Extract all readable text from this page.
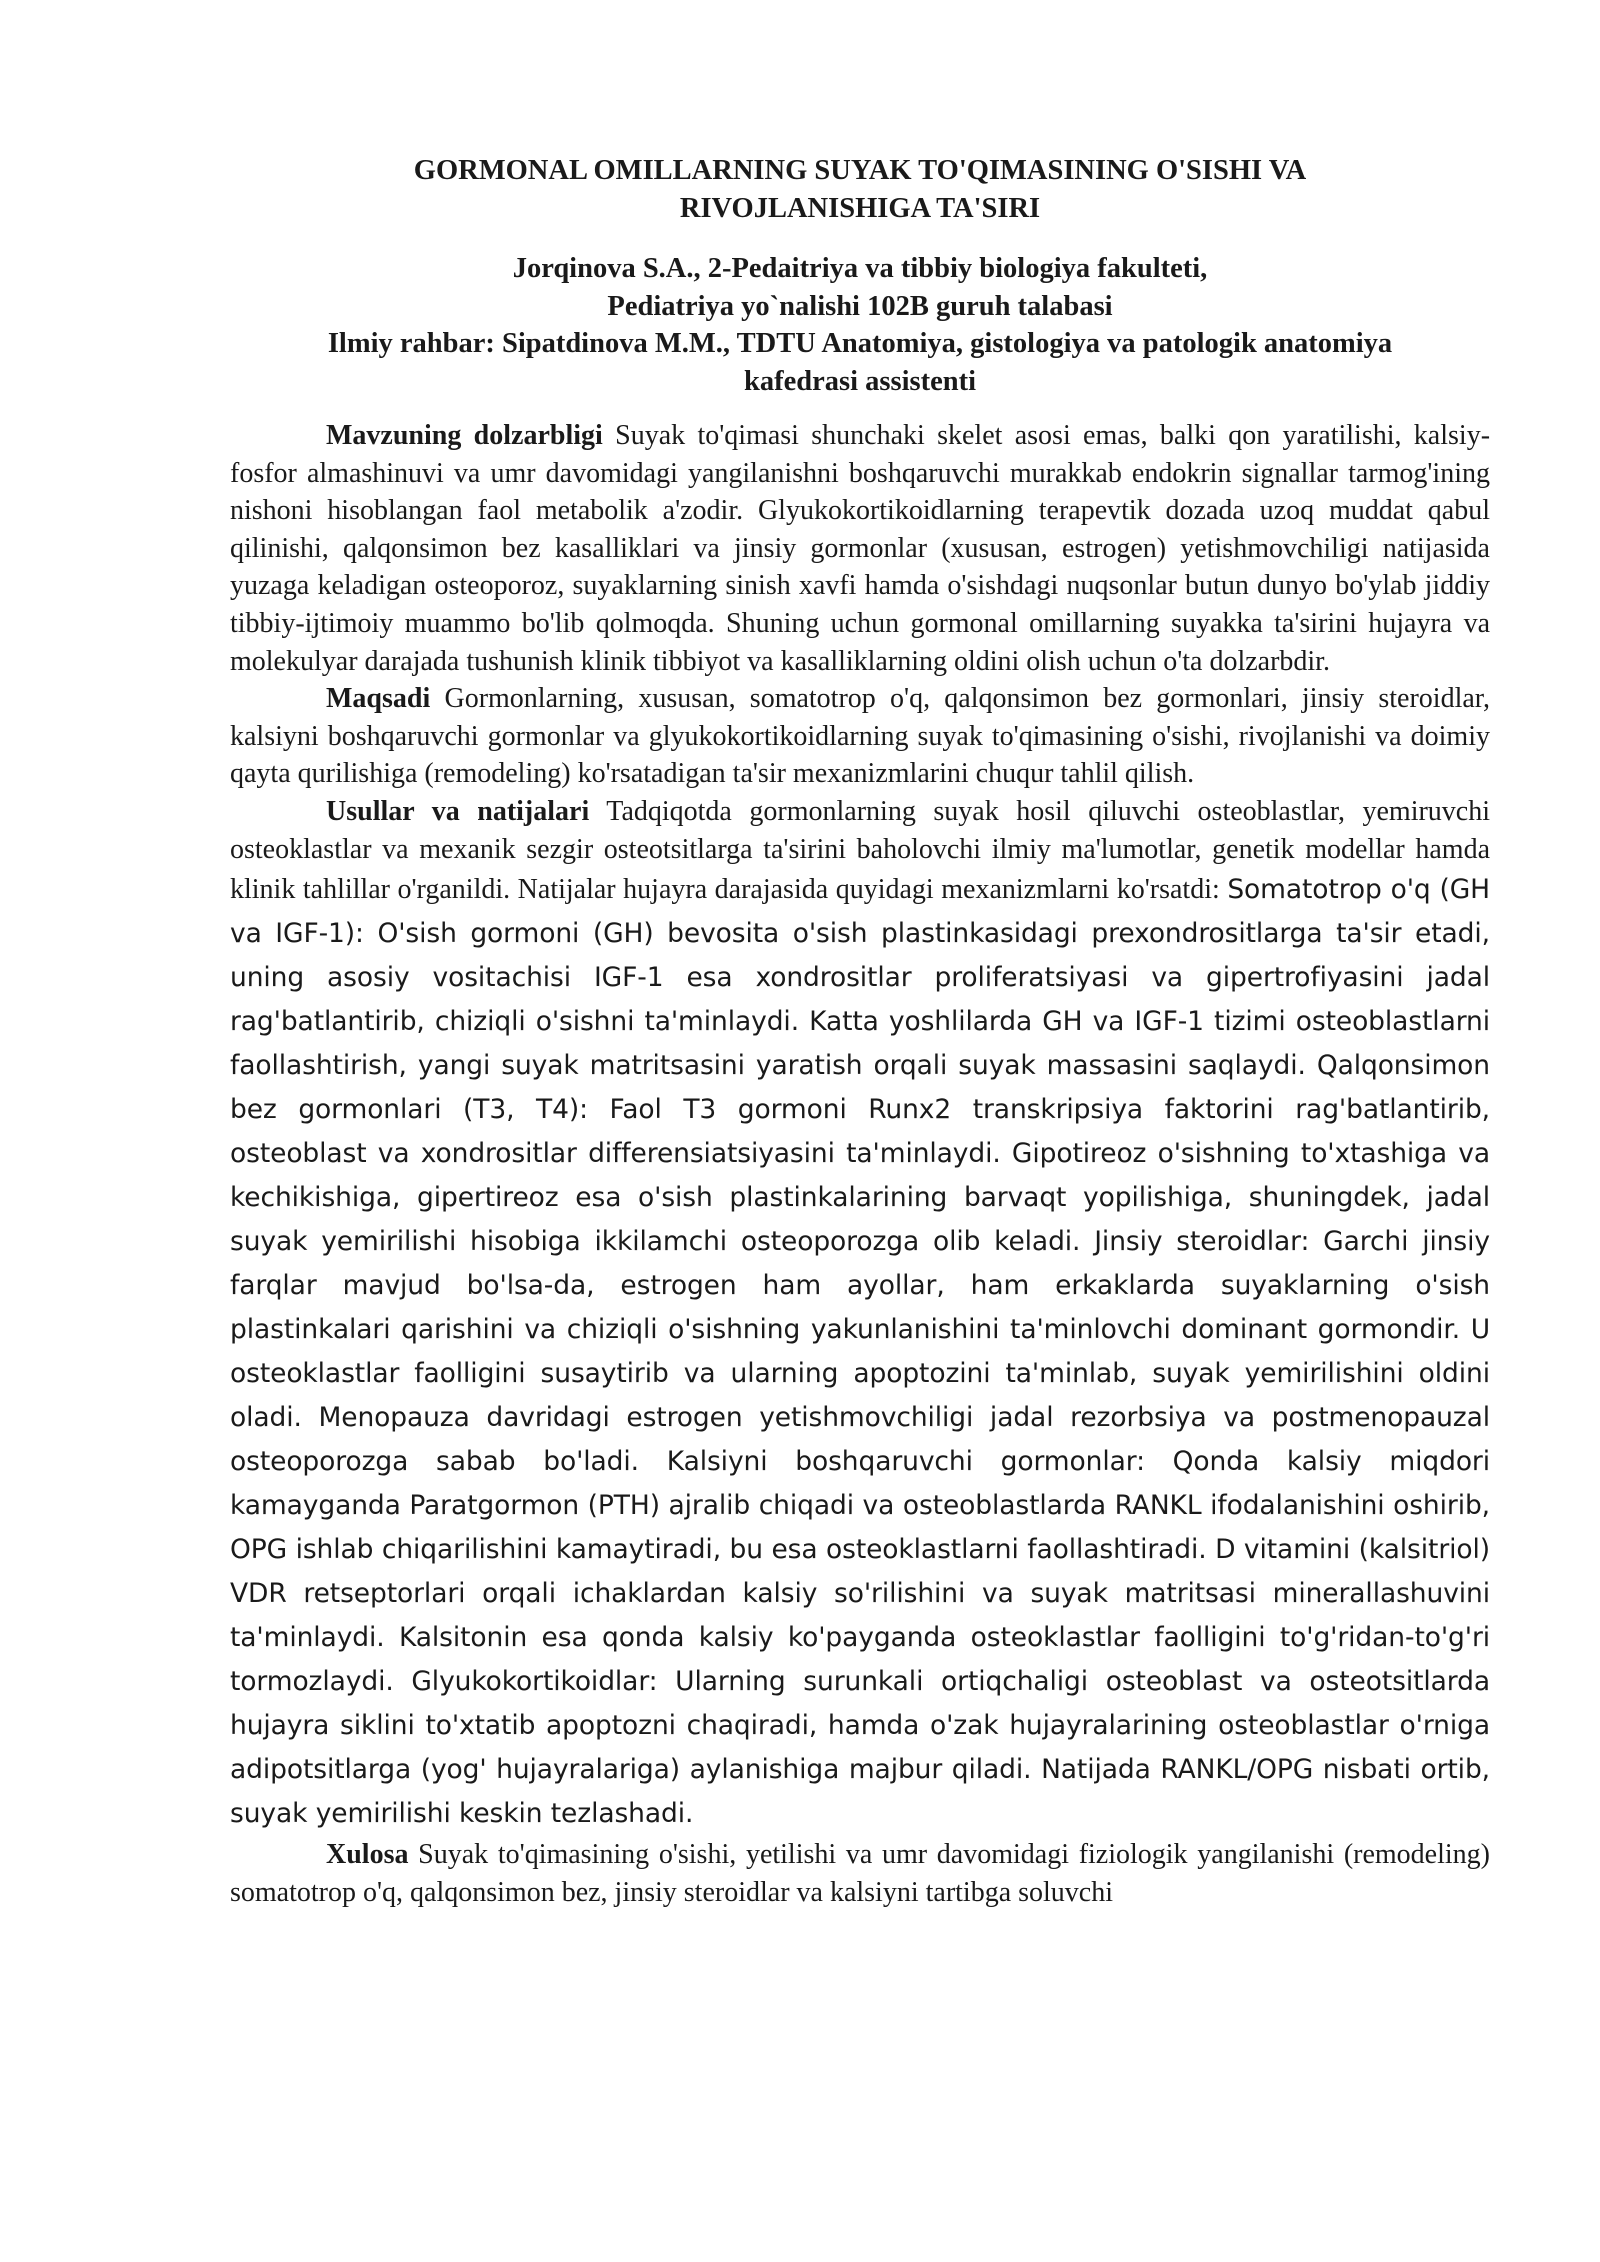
GORMONAL OMILLARNING SUYAK TO'QIMASINING O'SISHI VA
RIVOJLANISHIGA TA'SIRI
Jorqinova S.A., 2-Pedaitriya va tibbiy biologiya fakulteti,
Pediatriya yo`nalishi 102B guruh talabasi
Ilmiy rahbar: Sipatdinova M.M., TDTU Anatomiya, gistologiya va patologik anatomiya
kafedrasi assistenti

Mavzuning dolzarbligi Suyak to'qimasi shunchaki skelet asosi emas, balki qon yaratilishi, kalsiy-fosfor almashinuvi va umr davomidagi yangilanishni boshqaruvchi murakkab endokrin signallar tarmog'ining nishoni hisoblangan faol metabolik a'zodir. Glyukokortikoidlarning terapevtik dozada uzoq muddat qabul qilinishi, qalqonsimon bez kasalliklari va jinsiy gormonlar (xususan, estrogen) yetishmovchiligi natijasida yuzaga keladigan osteoporoz, suyaklarning sinish xavfi hamda o'sishdagi nuqsonlar butun dunyo bo'ylab jiddiy tibbiy-ijtimoiy muammo bo'lib qolmoqda. Shuning uchun gormonal omillarning suyakka ta'sirini hujayra va molekulyar darajada tushunish klinik tibbiyot va kasalliklarning oldini olish uchun o'ta dolzarbdir.

Maqsadi Gormonlarning, xususan, somatotrop o'q, qalqonsimon bez gormonlari, jinsiy steroidlar, kalsiyni boshqaruvchi gormonlar va glyukokortikoidlarning suyak to'qimasining o'sishi, rivojlanishi va doimiy qayta qurilishiga (remodeling) ko'rsatadigan ta'sir mexanizmlarini chuqur tahlil qilish.

Usullar va natijalari Tadqiqotda gormonlarning suyak hosil qiluvchi osteoblastlar, yemiruvchi osteoklastlar va mexanik sezgir osteotsitlarga ta'sirini baholovchi ilmiy ma'lumotlar, genetik modellar hamda klinik tahlillar o'rganildi. Natijalar hujayra darajasida quyidagi mexanizmlarni ko'rsatdi: Somatotrop o'q (GH va IGF-1): O'sish gormoni (GH) bevosita o'sish plastinkasidagi prexondrositlarga ta'sir etadi, uning asosiy vositachisi IGF-1 esa xondrositlar proliferatsiyasi va gipertrofiyasini jadal rag'batlantirib, chiziqli o'sishni ta'minlaydi. Katta yoshlilarda GH va IGF-1 tizimi osteoblastlarni faollashtirish, yangi suyak matritsasini yaratish orqali suyak massasini saqlaydi. Qalqonsimon bez gormonlari (T3, T4): Faol T3 gormoni Runx2 transkripsiya faktorini rag'batlantirib, osteoblast va xondrositlar differensiatsiyasini ta'minlaydi. Gipotireoz o'sishning to'xtashiga va kechikishiga, gipertireoz esa o'sish plastinkalarining barvaqt yopilishiga, shuningdek, jadal suyak yemirilishi hisobiga ikkilamchi osteoporozga olib keladi. Jinsiy steroidlar: Garchi jinsiy farqlar mavjud bo'lsa-da, estrogen ham ayollar, ham erkaklarda suyaklarning o'sish plastinkalari qarishini va chiziqli o'sishning yakunlanishini ta'minlovchi dominant gormondir. U osteoklastlar faolligini susaytirib va ularning apoptozini ta'minlab, suyak yemirilishini oldini oladi. Menopauza davridagi estrogen yetishmovchiligi jadal rezorbsiya va postmenopauzal osteoporozga sabab bo'ladi. Kalsiyni boshqaruvchi gormonlar: Qonda kalsiy miqdori kamayganda Paratgormon (PTH) ajralib chiqadi va osteoblastlarda RANKL ifodalanishini oshirib, OPG ishlab chiqarilishini kamaytiradi, bu esa osteoklastlarni faollashtiradi. D vitamini (kalsitriol) VDR retseptorlari orqali ichaklardan kalsiy so'rilishini va suyak matritsasi minerallashuvini ta'minlaydi. Kalsitonin esa qonda kalsiy ko'payganda osteoklastlar faolligini to'g'ridan-to'g'ri tormozlaydi. Glyukokortikoidlar: Ularning surunkali ortiqchaligi osteoblast va osteotsitlarda hujayra siklini to'xtatib apoptozni chaqiradi, hamda o'zak hujayralarining osteoblastlar o'rniga adipotsitlarga (yog' hujayralariga) aylanishiga majbur qiladi. Natijada RANKL/OPG nisbati ortib, suyak yemirilishi keskin tezlashadi.

Xulosa Suyak to'qimasining o'sishi, yetilishi va umr davomidagi fiziologik yangilanishi (remodeling) somatotrop o'q, qalqonsimon bez, jinsiy steroidlar va kalsiyni tartibga soluvchi
